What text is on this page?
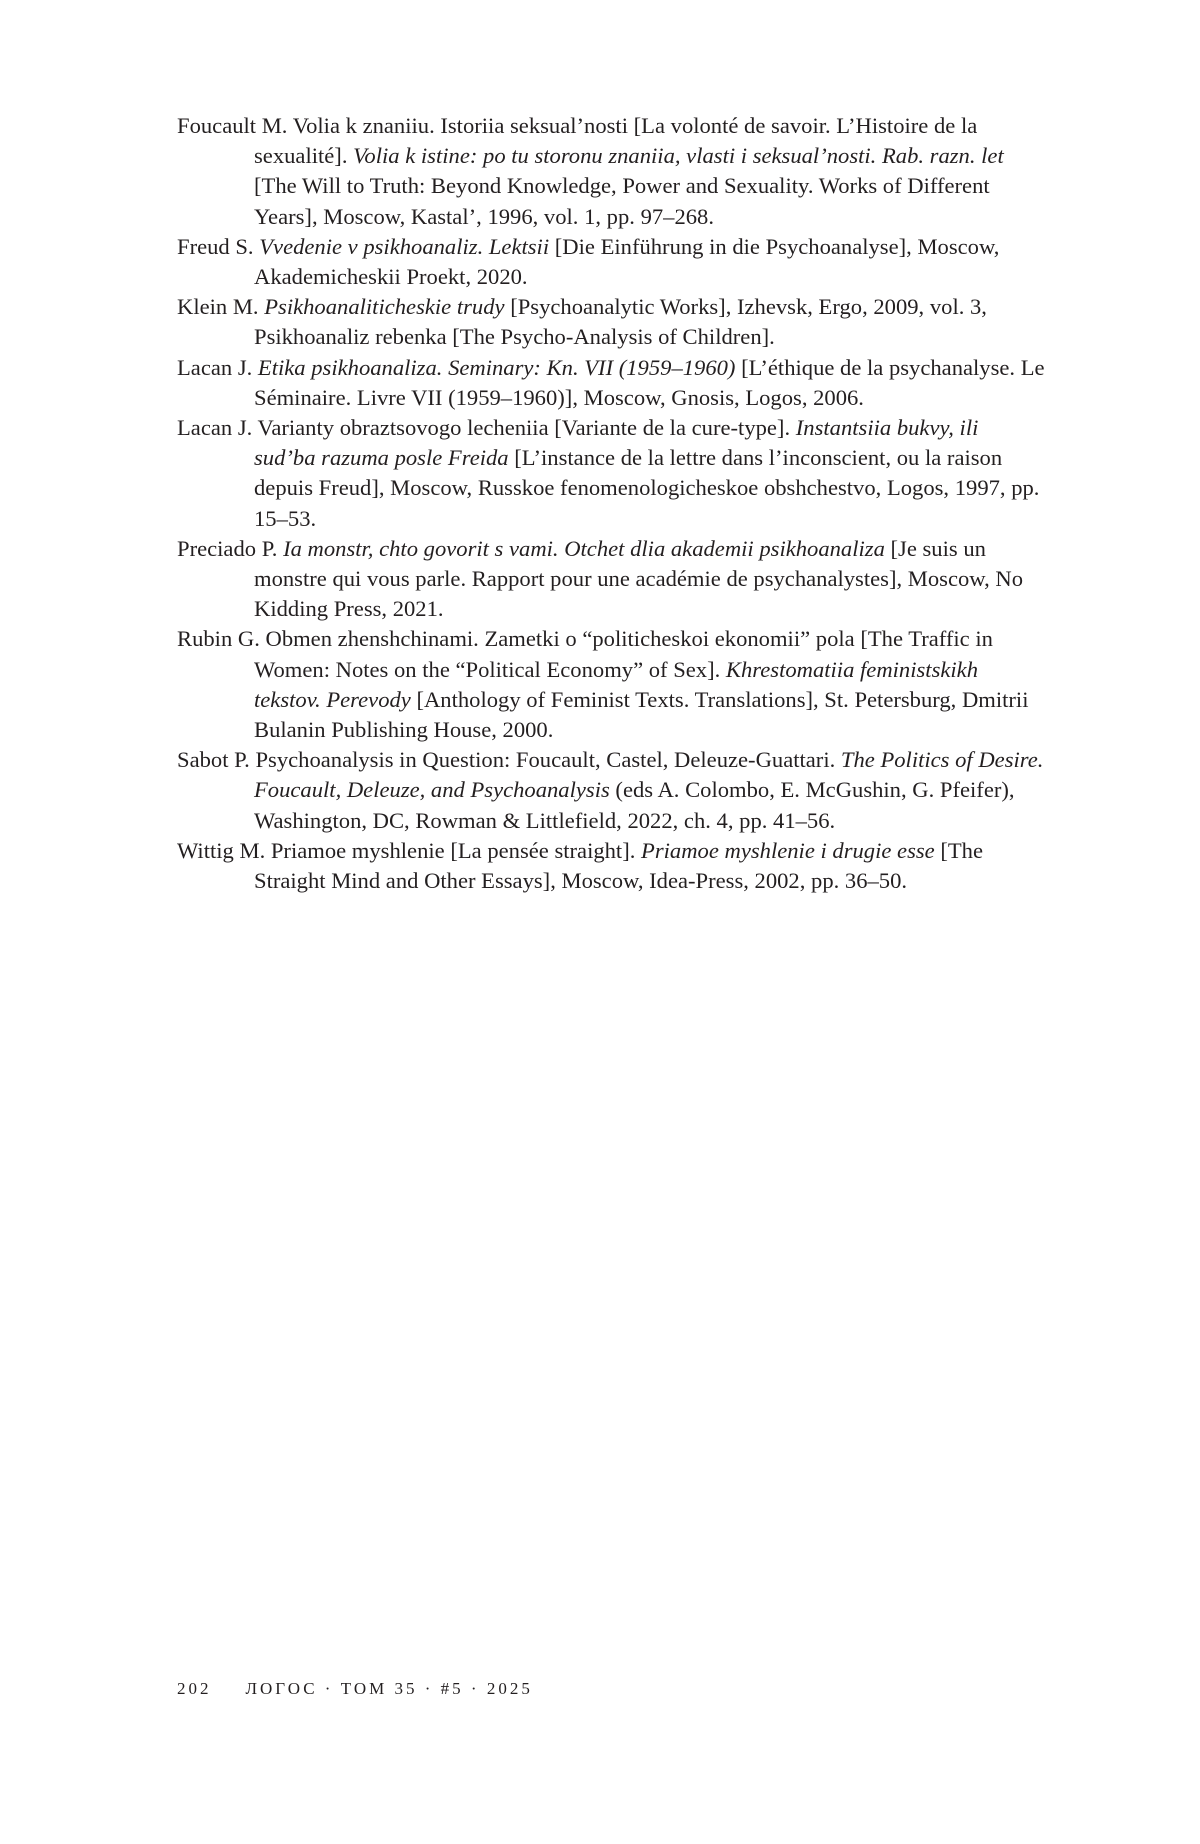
Foucault M. Volia k znaniiu. Istoriia seksual’nosti [La volonté de savoir. L’Histoire de la sexualité]. Volia k istine: po tu storonu znaniia, vlasti i seksual’nosti. Rab. razn. let [The Will to Truth: Beyond Knowledge, Power and Sexuality. Works of Different Years], Moscow, Kastal’, 1996, vol. 1, pp. 97–268.

Freud S. Vvedenie v psikhoanaliz. Lektsii [Die Einführung in die Psychoanalyse], Moscow, Akademicheskii Proekt, 2020.

Klein M. Psikhoanaliticheskie trudy [Psychoanalytic Works], Izhevsk, Ergo, 2009, vol. 3, Psikhoanaliz rebenka [The Psycho-Analysis of Children].

Lacan J. Etika psikhoanaliza. Seminary: Kn. VII (1959–1960) [L’éthique de la psychanalyse. Le Séminaire. Livre VII (1959–1960)], Moscow, Gnosis, Logos, 2006.

Lacan J. Varianty obraztsovogo lecheniia [Variante de la cure-type]. Instantsiia bukvy, ili sud’ba razuma posle Freida [L’instance de la lettre dans l’inconscient, ou la raison depuis Freud], Moscow, Russkoe fenomenologicheskoe obshchestvo, Logos, 1997, pp. 15–53.

Preciado P. Ia monstr, chto govorit s vami. Otchet dlia akademii psikhoanaliza [Je suis un monstre qui vous parle. Rapport pour une académie de psychanalystes], Moscow, No Kidding Press, 2021.

Rubin G. Obmen zhenshchinami. Zametki o “politicheskoi ekonomii” pola [The Traffic in Women: Notes on the “Political Economy” of Sex]. Khrestomatiia feministskikh tekstov. Perevody [Anthology of Feminist Texts. Translations], St. Petersburg, Dmitrii Bulanin Publishing House, 2000.

Sabot P. Psychoanalysis in Question: Foucault, Castel, Deleuze-Guattari. The Politics of Desire. Foucault, Deleuze, and Psychoanalysis (eds A. Colombo, E. McGushin, G. Pfeifer), Washington, DC, Rowman & Littlefield, 2022, ch. 4, pp. 41–56.

Wittig M. Priamoe myshlenie [La pensée straight]. Priamoe myshlenie i drugie esse [The Straight Mind and Other Essays], Moscow, Idea-Press, 2002, pp. 36–50.

202 ЛОГОС · ТОМ 35 · #5 · 2025
